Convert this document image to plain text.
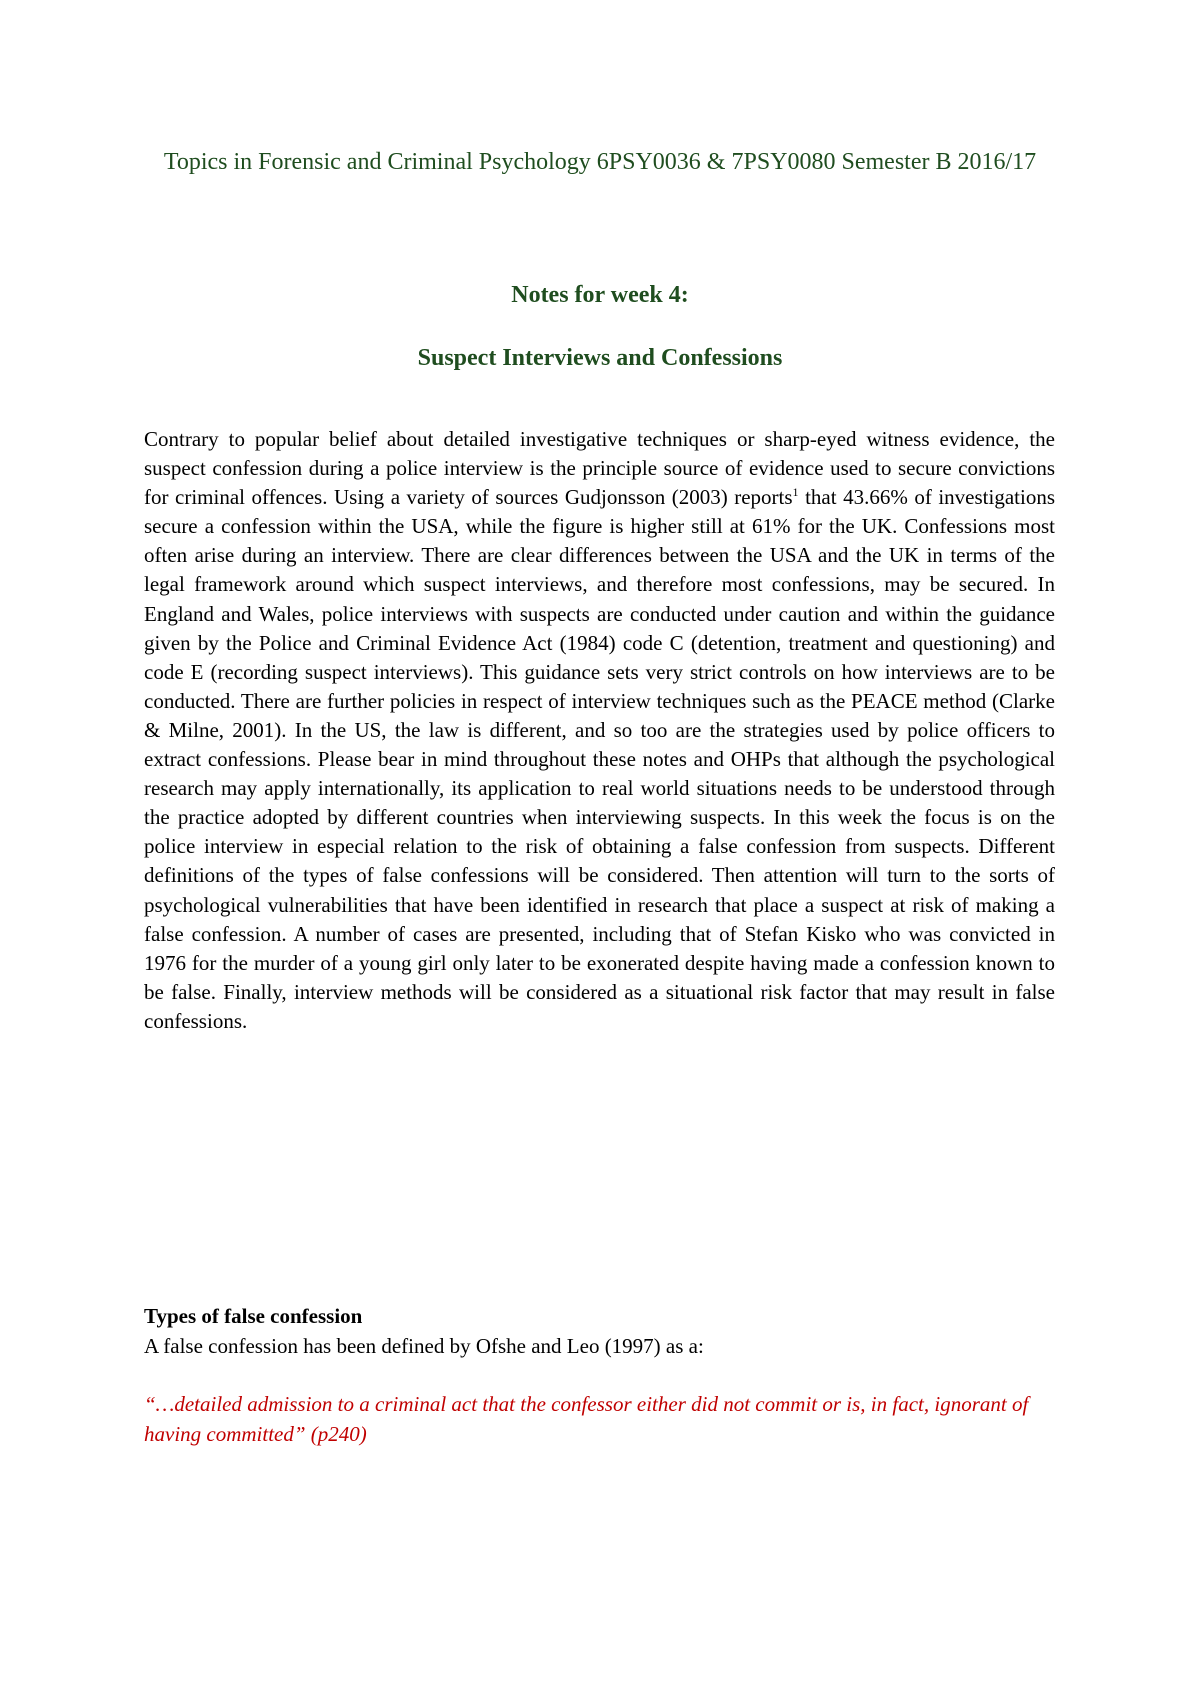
Topics in Forensic and Criminal Psychology 6PSY0036 & 7PSY0080 Semester B 2016/17
Notes for week 4:
Suspect Interviews and Confessions

Contrary to popular belief about detailed investigative techniques or sharp-eyed witness evidence, the suspect confession during a police interview is the principle source of evidence used to secure convictions for criminal offences. Using a variety of sources Gudjonsson (2003) reports$^1$ that 43.66% of investigations secure a confession within the USA, while the figure is higher still at 61% for the UK. Confessions most often arise during an interview. There are clear differences between the USA and the UK in terms of the legal framework around which suspect interviews, and therefore most confessions, may be secured. In England and Wales, police interviews with suspects are conducted under caution and within the guidance given by the Police and Criminal Evidence Act (1984) code C (detention, treatment and questioning) and code E (recording suspect interviews). This guidance sets very strict controls on how interviews are to be conducted. There are further policies in respect of interview techniques such as the PEACE method (Clarke & Milne, 2001). In the US, the law is different, and so too are the strategies used by police officers to extract confessions. Please bear in mind throughout these notes and OHPs that although the psychological research may apply internationally, its application to real world situations needs to be understood through the practice adopted by different countries when interviewing suspects. In this week the focus is on the police interview in especial relation to the risk of obtaining a false confession from suspects. Different definitions of the types of false confessions will be considered. Then attention will turn to the sorts of psychological vulnerabilities that have been identified in research that place a suspect at risk of making a false confession. A number of cases are presented, including that of Stefan Kisko who was convicted in 1976 for the murder of a young girl only later to be exonerated despite having made a confession known to be false. Finally, interview methods will be considered as a situational risk factor that may result in false confessions.

Types of false confession

A false confession has been defined by Ofshe and Leo (1997) as a:

“…detailed admission to a criminal act that the confessor either did not commit or is, in fact, ignorant of having committed” (p240)
